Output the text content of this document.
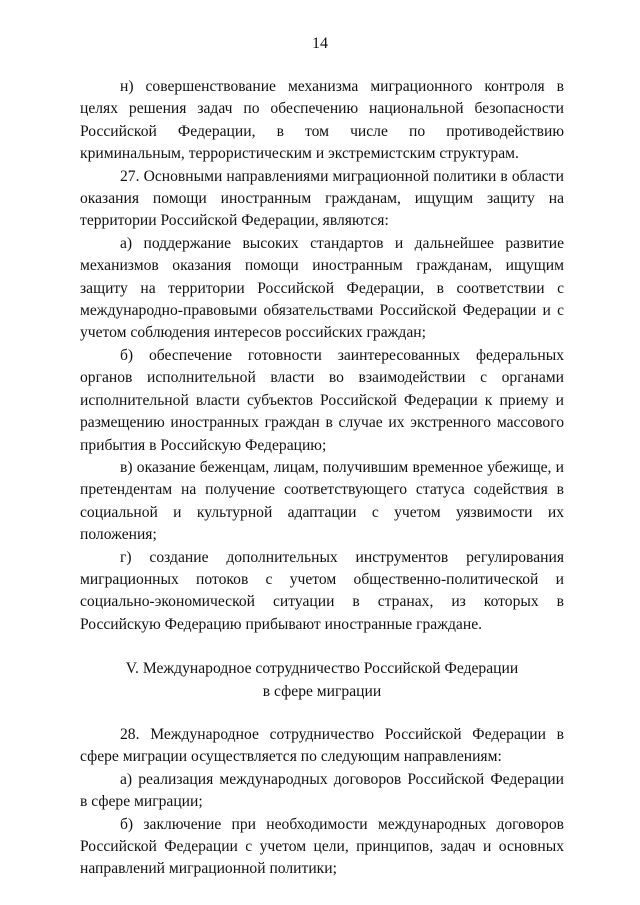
14

н) совершенствование механизма миграционного контроля в целях решения задач по обеспечению национальной безопасности Российской Федерации, в том числе по противодействию криминальным, террористическим и экстремистским структурам.

27. Основными направлениями миграционной политики в области оказания помощи иностранным гражданам, ищущим защиту на территории Российской Федерации, являются:

а) поддержание высоких стандартов и дальнейшее развитие механизмов оказания помощи иностранным гражданам, ищущим защиту на территории Российской Федерации, в соответствии с международно-правовыми обязательствами Российской Федерации и с учетом соблюдения интересов российских граждан;

б) обеспечение готовности заинтересованных федеральных органов исполнительной власти во взаимодействии с органами исполнительной власти субъектов Российской Федерации к приему и размещению иностранных граждан в случае их экстренного массового прибытия в Российскую Федерацию;

в) оказание беженцам, лицам, получившим временное убежище, и претендентам на получение соответствующего статуса содействия в социальной и культурной адаптации с учетом уязвимости их положения;

г) создание дополнительных инструментов регулирования миграционных потоков с учетом общественно-политической и социально-экономической ситуации в странах, из которых в Российскую Федерацию прибывают иностранные граждане.

V. Международное сотрудничество Российской Федерации
в сфере миграции

28. Международное сотрудничество Российской Федерации в сфере миграции осуществляется по следующим направлениям:

а) реализация международных договоров Российской Федерации в сфере миграции;

б) заключение при необходимости международных договоров Российской Федерации с учетом цели, принципов, задач и основных направлений миграционной политики;
